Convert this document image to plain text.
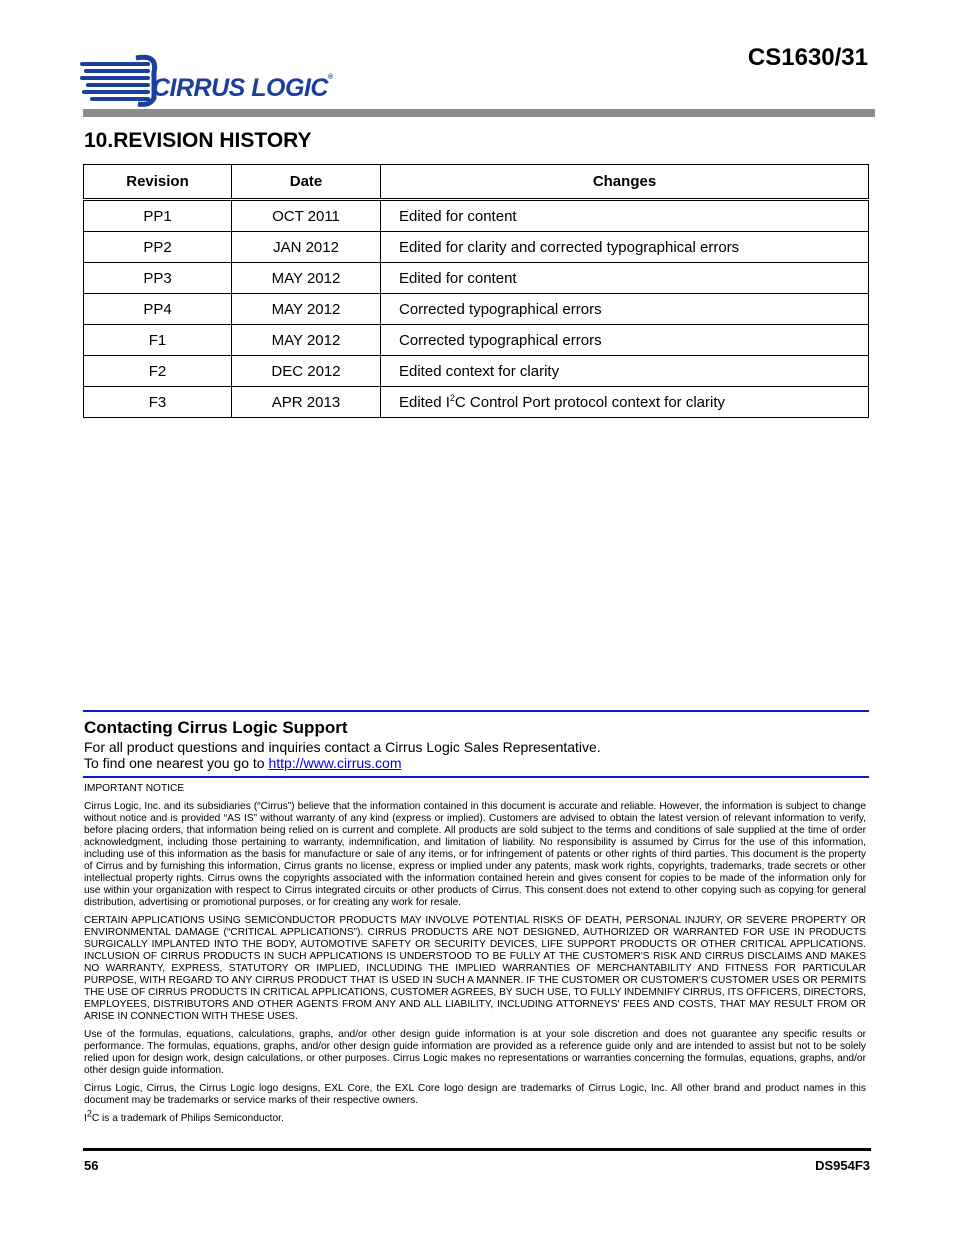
CIRRUS LOGIC®
CS1630/31
10.REVISION HISTORY
Revision	Date	Changes
PP1	OCT 2011	Edited for content
PP2	JAN 2012	Edited for clarity and corrected typographical errors
PP3	MAY 2012	Edited for content
PP4	MAY 2012	Corrected typographical errors
F1	MAY 2012	Corrected typographical errors
F2	DEC 2012	Edited context for clarity
F3	APR 2013	Edited $I^2C$ Control Port protocol context for clarity
Contacting Cirrus Logic Support
For all product questions and inquiries contact a Cirrus Logic Sales Representative.
To find one nearest you go to http://www.cirrus.com

IMPORTANT NOTICE

Cirrus Logic, Inc. and its subsidiaries (“Cirrus”) believe that the information contained in this document is accurate and reliable. However, the information is subject to change without notice and is provided “AS IS” without warranty of any kind (express or implied). Customers are advised to obtain the latest version of relevant information to verify, before placing orders, that information being relied on is current and complete. All products are sold subject to the terms and conditions of sale supplied at the time of order acknowledgment, including those pertaining to warranty, indemnification, and limitation of liability. No responsibility is assumed by Cirrus for the use of this information, including use of this information as the basis for manufacture or sale of any items, or for infringement of patents or other rights of third parties. This document is the property of Cirrus and by furnishing this information, Cirrus grants no license, express or implied under any patents, mask work rights, copyrights, trademarks, trade secrets or other intellectual property rights. Cirrus owns the copyrights associated with the information contained herein and gives consent for copies to be made of the information only for use within your organization with respect to Cirrus integrated circuits or other products of Cirrus. This consent does not extend to other copying such as copying for general distribution, advertising or promotional purposes, or for creating any work for resale.

CERTAIN APPLICATIONS USING SEMICONDUCTOR PRODUCTS MAY INVOLVE POTENTIAL RISKS OF DEATH, PERSONAL INJURY, OR SEVERE PROPERTY OR ENVIRONMENTAL DAMAGE (“CRITICAL APPLICATIONS”). CIRRUS PRODUCTS ARE NOT DESIGNED, AUTHORIZED OR WARRANTED FOR USE IN PRODUCTS SURGICALLY IMPLANTED INTO THE BODY, AUTOMOTIVE SAFETY OR SECURITY DEVICES, LIFE SUPPORT PRODUCTS OR OTHER CRITICAL APPLICATIONS. INCLUSION OF CIRRUS PRODUCTS IN SUCH APPLICATIONS IS UNDERSTOOD TO BE FULLY AT THE CUSTOMER'S RISK AND CIRRUS DISCLAIMS AND MAKES NO WARRANTY, EXPRESS, STATUTORY OR IMPLIED, INCLUDING THE IMPLIED WARRANTIES OF MERCHANTABILITY AND FITNESS FOR PARTICULAR PURPOSE, WITH REGARD TO ANY CIRRUS PRODUCT THAT IS USED IN SUCH A MANNER. IF THE CUSTOMER OR CUSTOMER'S CUSTOMER USES OR PERMITS THE USE OF CIRRUS PRODUCTS IN CRITICAL APPLICATIONS, CUSTOMER AGREES, BY SUCH USE, TO FULLY INDEMNIFY CIRRUS, ITS OFFICERS, DIRECTORS, EMPLOYEES, DISTRIBUTORS AND OTHER AGENTS FROM ANY AND ALL LIABILITY, INCLUDING ATTORNEYS' FEES AND COSTS, THAT MAY RESULT FROM OR ARISE IN CONNECTION WITH THESE USES.

Use of the formulas, equations, calculations, graphs, and/or other design guide information is at your sole discretion and does not guarantee any specific results or performance. The formulas, equations, graphs, and/or other design guide information are provided as a reference guide only and are intended to assist but not to be solely relied upon for design work, design calculations, or other purposes. Cirrus Logic makes no representations or warranties concerning the formulas, equations, graphs, and/or other design guide information.

Cirrus Logic, Cirrus, the Cirrus Logic logo designs, EXL Core, the EXL Core logo design are trademarks of Cirrus Logic, Inc. All other brand and product names in this document may be trademarks or service marks of their respective owners.

$I^2C$ is a trademark of Philips Semiconductor.

56	DS954F3
